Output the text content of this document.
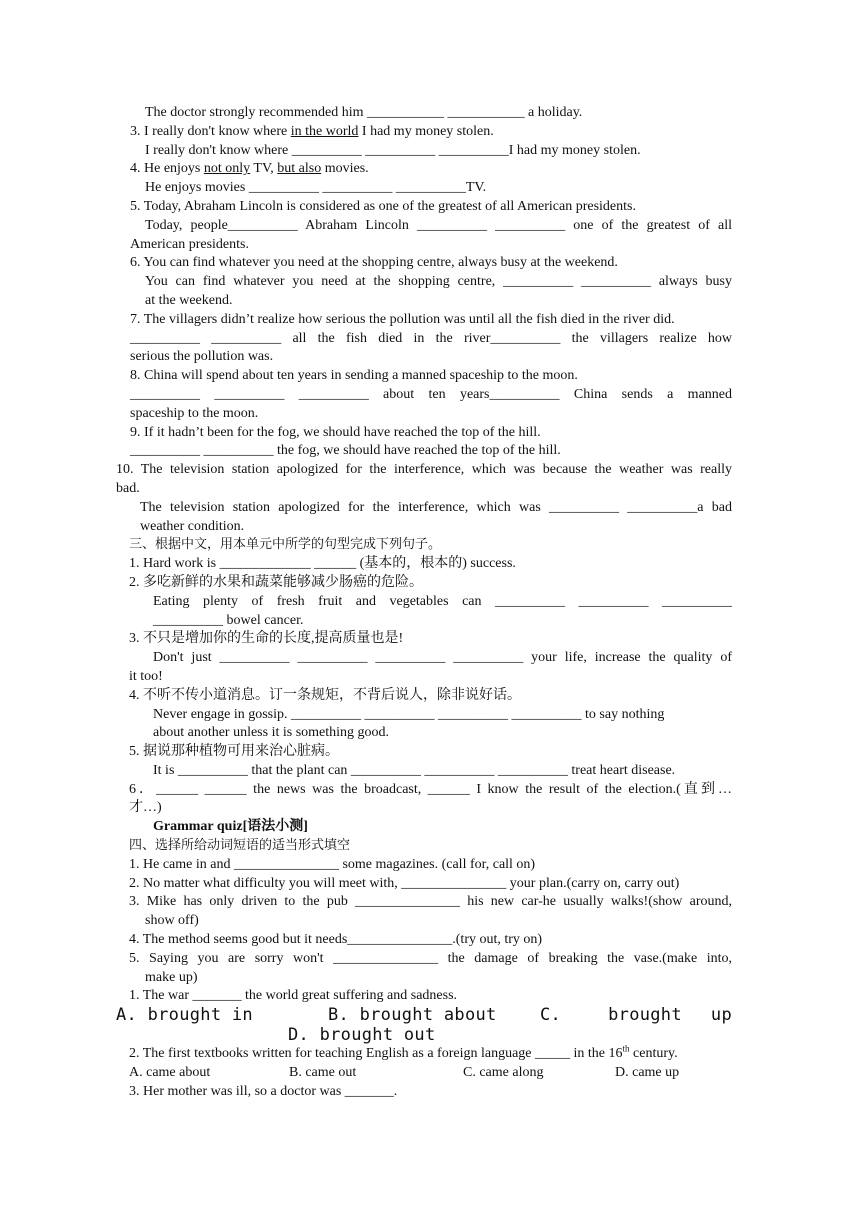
The doctor strongly recommended him ___________ ___________ a holiday.
3. I really don't know where in the world I had my money stolen.
I really don't know where __________ __________ __________I had my money stolen.
4. He enjoys not only TV, but also movies.
He enjoys movies __________ __________ __________TV.
5. Today, Abraham Lincoln is considered as one of the greatest of all American presidents.
Today, people__________ Abraham Lincoln __________ __________ one of the greatest of all
American presidents.
6. You can find whatever you need at the shopping centre, always busy at the weekend.
You can find whatever you need at the shopping centre, __________ __________ always busy
at the weekend.
7. The villagers didn’t realize how serious the pollution was until all the fish died in the river did.
__________ __________ all the fish died in the river__________ the villagers realize how
serious the pollution was.
8. China will spend about ten years in sending a manned spaceship to the moon.
__________ __________ __________ about ten years__________ China sends a manned
spaceship to the moon.
9. If it hadn’t been for the fog, we should have reached the top of the hill.
__________ __________ the fog, we should have reached the top of the hill.
10. The television station apologized for the interference, which was because the weather was really
bad.
The television station apologized for the interference, which was __________ __________a bad
weather condition.
三、根据中文，用本单元中所学的句型完成下列句子。
1. Hard work is _____________ ______ (基本的，根本的) success.
2. 多吃新鲜的水果和蔬菜能够减少肠癌的危险。
Eating plenty of fresh fruit and vegetables can __________ __________ __________
__________ bowel cancer.
3. 不只是增加你的生命的长度,提高质量也是!
Don't just __________ __________ __________ __________ your life, increase the quality of
it too!
4. 不听不传小道消息。订一条规矩，不背后说人，除非说好话。
Never engage in gossip. __________ __________ __________ __________ to say nothing
about another unless it is something good.
5. 据说那种植物可用来治心脏病。
It is __________ that the plant can __________ __________ __________ treat heart disease.
6．______ ______ the news was the broadcast, ______ I know the result of the election.(直到…
才…)
Grammar quiz[语法小测]
四、选择所给动词短语的适当形式填空
1. He came in and _______________ some magazines. (call for, call on)
2. No matter what difficulty you will meet with, _______________ your plan.(carry on, carry out)
3. Mike has only driven to the pub _______________ his new car-he usually walks!(show around,
show off)
4. The method seems good but it needs_______________.(try out, try on)
5. Saying you are sorry won't _______________ the damage of breaking the vase.(make into,
make up)
1. The war _______ the world great suffering and sadness.
A. brought in	B. brought about	C.	brought	up
D. brought out
2. The first textbooks written for teaching English as a foreign language _____ in the 16th century.
A. came about	B. came out	C. came along	D. came up
3. Her mother was ill, so a doctor was _______.
